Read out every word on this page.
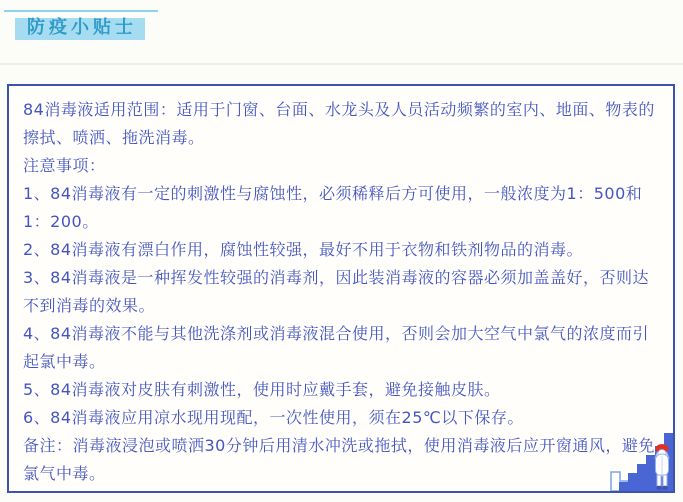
防疫小贴士

84消毒液适用范围：适用于门窗、台面、水龙头及人员活动频繁的室内、地面、物表的擦拭、喷洒、拖洗消毒。

注意事项：

1、84消毒液有一定的刺激性与腐蚀性，必须稀释后方可使用，一般浓度为1：500和1：200。

2、84消毒液有漂白作用，腐蚀性较强，最好不用于衣物和铁剂物品的消毒。

3、84消毒液是一种挥发性较强的消毒剂，因此装消毒液的容器必须加盖盖好，否则达不到消毒的效果。

4、84消毒液不能与其他洗涤剂或消毒液混合使用，否则会加大空气中氯气的浓度而引起氯中毒。

5、84消毒液对皮肤有刺激性，使用时应戴手套，避免接触皮肤。

6、84消毒液应用凉水现用现配，一次性使用，须在25℃以下保存。

备注：消毒液浸泡或喷洒30分钟后用清水冲洗或拖拭，使用消毒液后应开窗通风，避免氯气中毒。
